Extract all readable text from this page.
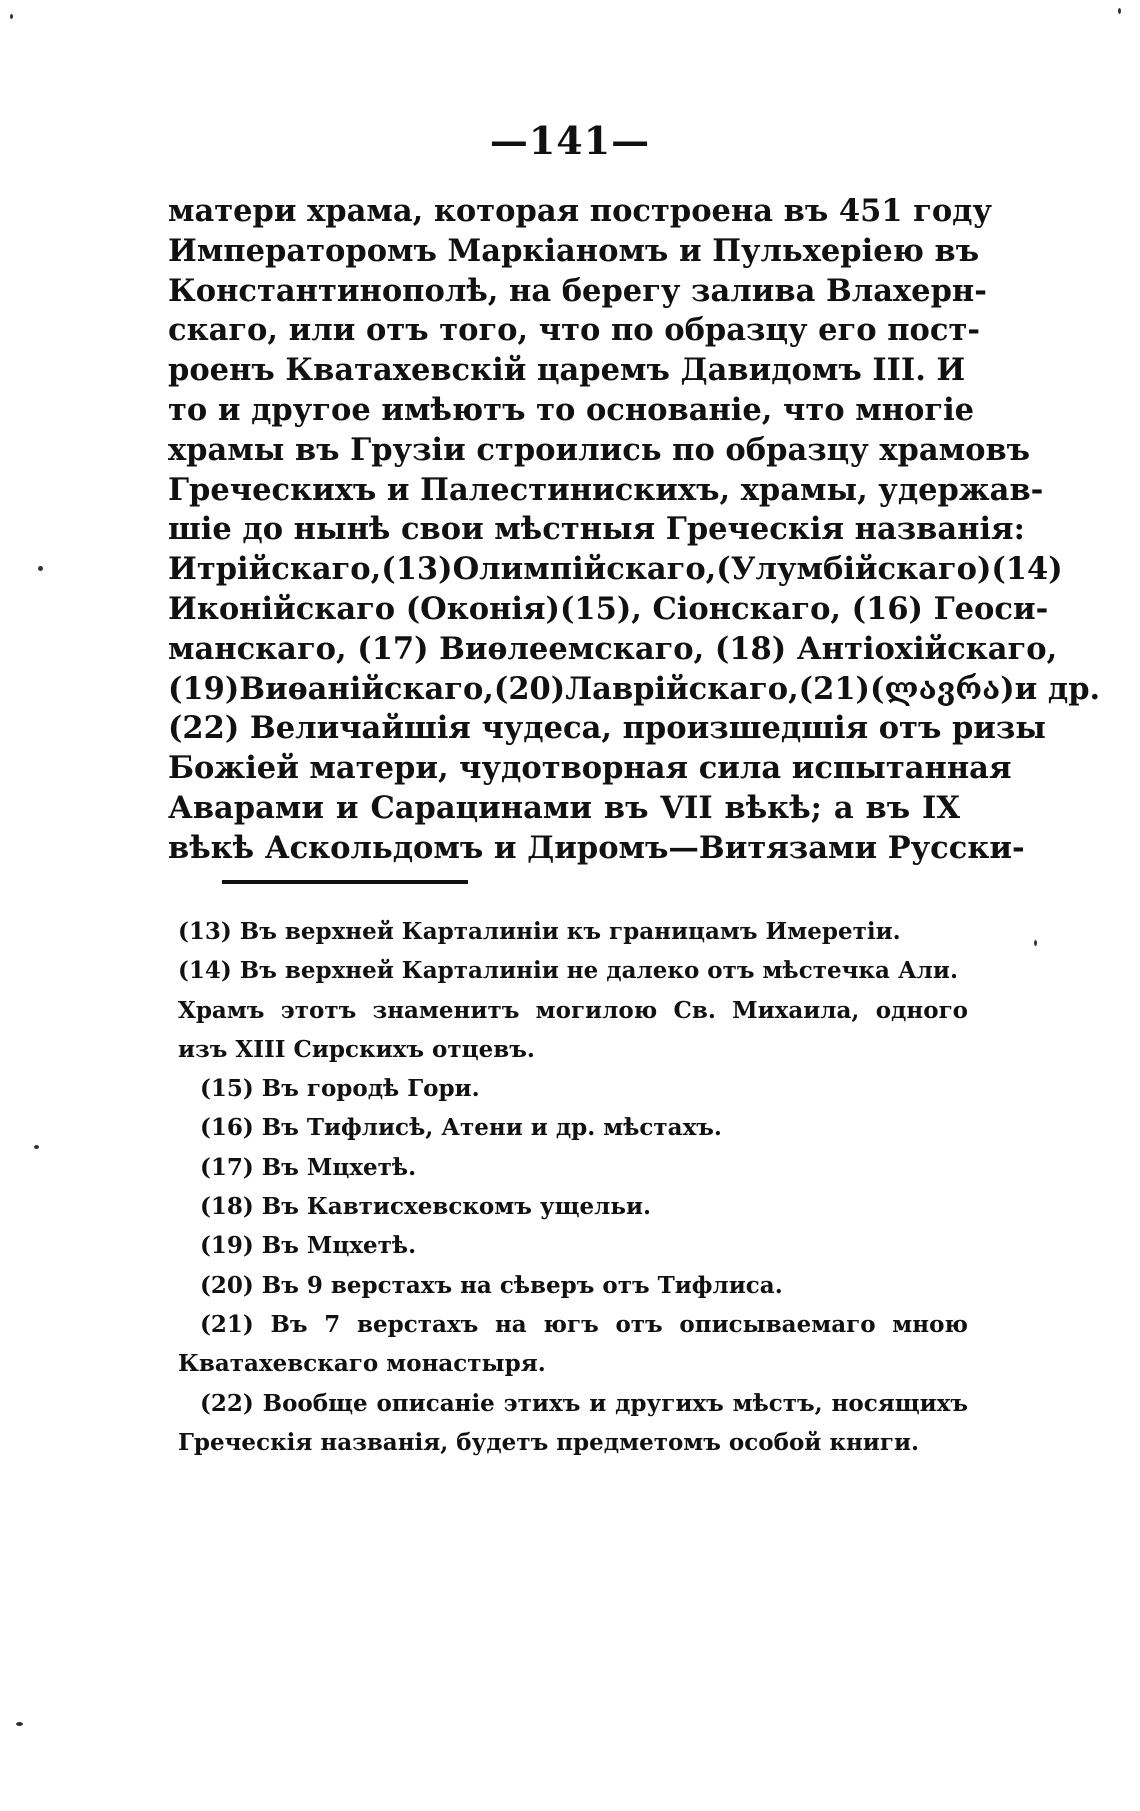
—141—
матери храма, которая построена въ 451 году
Императоромъ Маркіаномъ и Пульхеріею въ
Константинополѣ, на берегу залива Влахерн-
скаго, или отъ того, что по образцу его пост-
роенъ Кватахевскій царемъ Давидомъ III. И
то и другое имѣютъ то основаніе, что многіе
храмы въ Грузіи строились по образцу храмовъ
Греческихъ и Палестинискихъ, храмы, удержав-
шіе до нынѣ свои мѣстныя Греческія названія:
Итрійскаго,(13)Олимпійскаго,(Улумбійскаго)(14)
Иконійскаго (Оконія)(15), Сіонскаго, (16) Геоси-
манскаго, (17) Виѳлеемскаго, (18) Антіохійскаго,
(19)Виѳанійскаго,(20)Лаврійскаго,(21)(ლავრა)и др.
(22) Величайшія чудеса, произшедшія отъ ризы
Божіей матери, чудотворная сила испытанная
Аварами и Сарацинами въ VII вѣкѣ; а въ IX
вѣкѣ Аскольдомъ и Диромъ—Витязами Русски-
(13) Въ верхней Карталиніи къ границамъ Имеретіи.
(14) Въ верхней Карталиніи не далеко отъ мѣстечка Али.
Храмъ этотъ знаменитъ могилою Св. Михаила, одного
изъ XIII Сирскихъ отцевъ.
(15) Въ городѣ Гори.
(16) Въ Тифлисѣ, Атени и др. мѣстахъ.
(17) Въ Мцхетѣ.
(18) Въ Кавтисхевскомъ ущельи.
(19) Въ Мцхетѣ.
(20) Въ 9 верстахъ на сѣверъ отъ Тифлиса.
(21) Въ 7 верстахъ на югъ отъ описываемаго мною
Кватахевскаго монастыря.
(22) Вообще описаніе этихъ и другихъ мѣстъ, носящихъ
Греческія названія, будетъ предметомъ особой книги.
